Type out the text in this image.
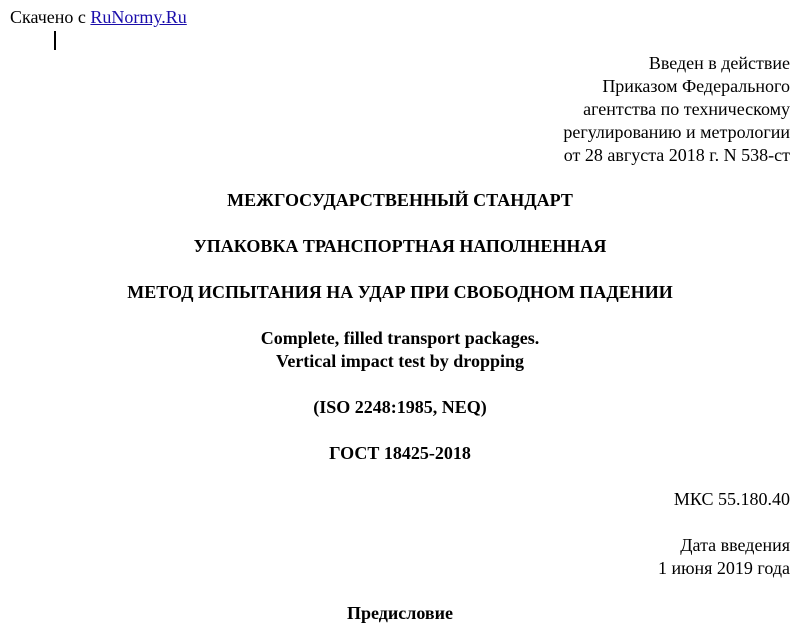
Скачено с RuNormy.Ru
Введен в действие
Приказом Федерального
агентства по техническому
регулированию и метрологии
от 28 августа 2018 г. N 538-ст
МЕЖГОСУДАРСТВЕННЫЙ СТАНДАРТ
УПАКОВКА ТРАНСПОРТНАЯ НАПОЛНЕННАЯ
МЕТОД ИСПЫТАНИЯ НА УДАР ПРИ СВОБОДНОМ ПАДЕНИИ
Complete, filled transport packages.
Vertical impact test by dropping
(ISO 2248:1985, NEQ)
ГОСТ 18425-2018
МКС 55.180.40
Дата введения
1 июня 2019 года
Предисловие
